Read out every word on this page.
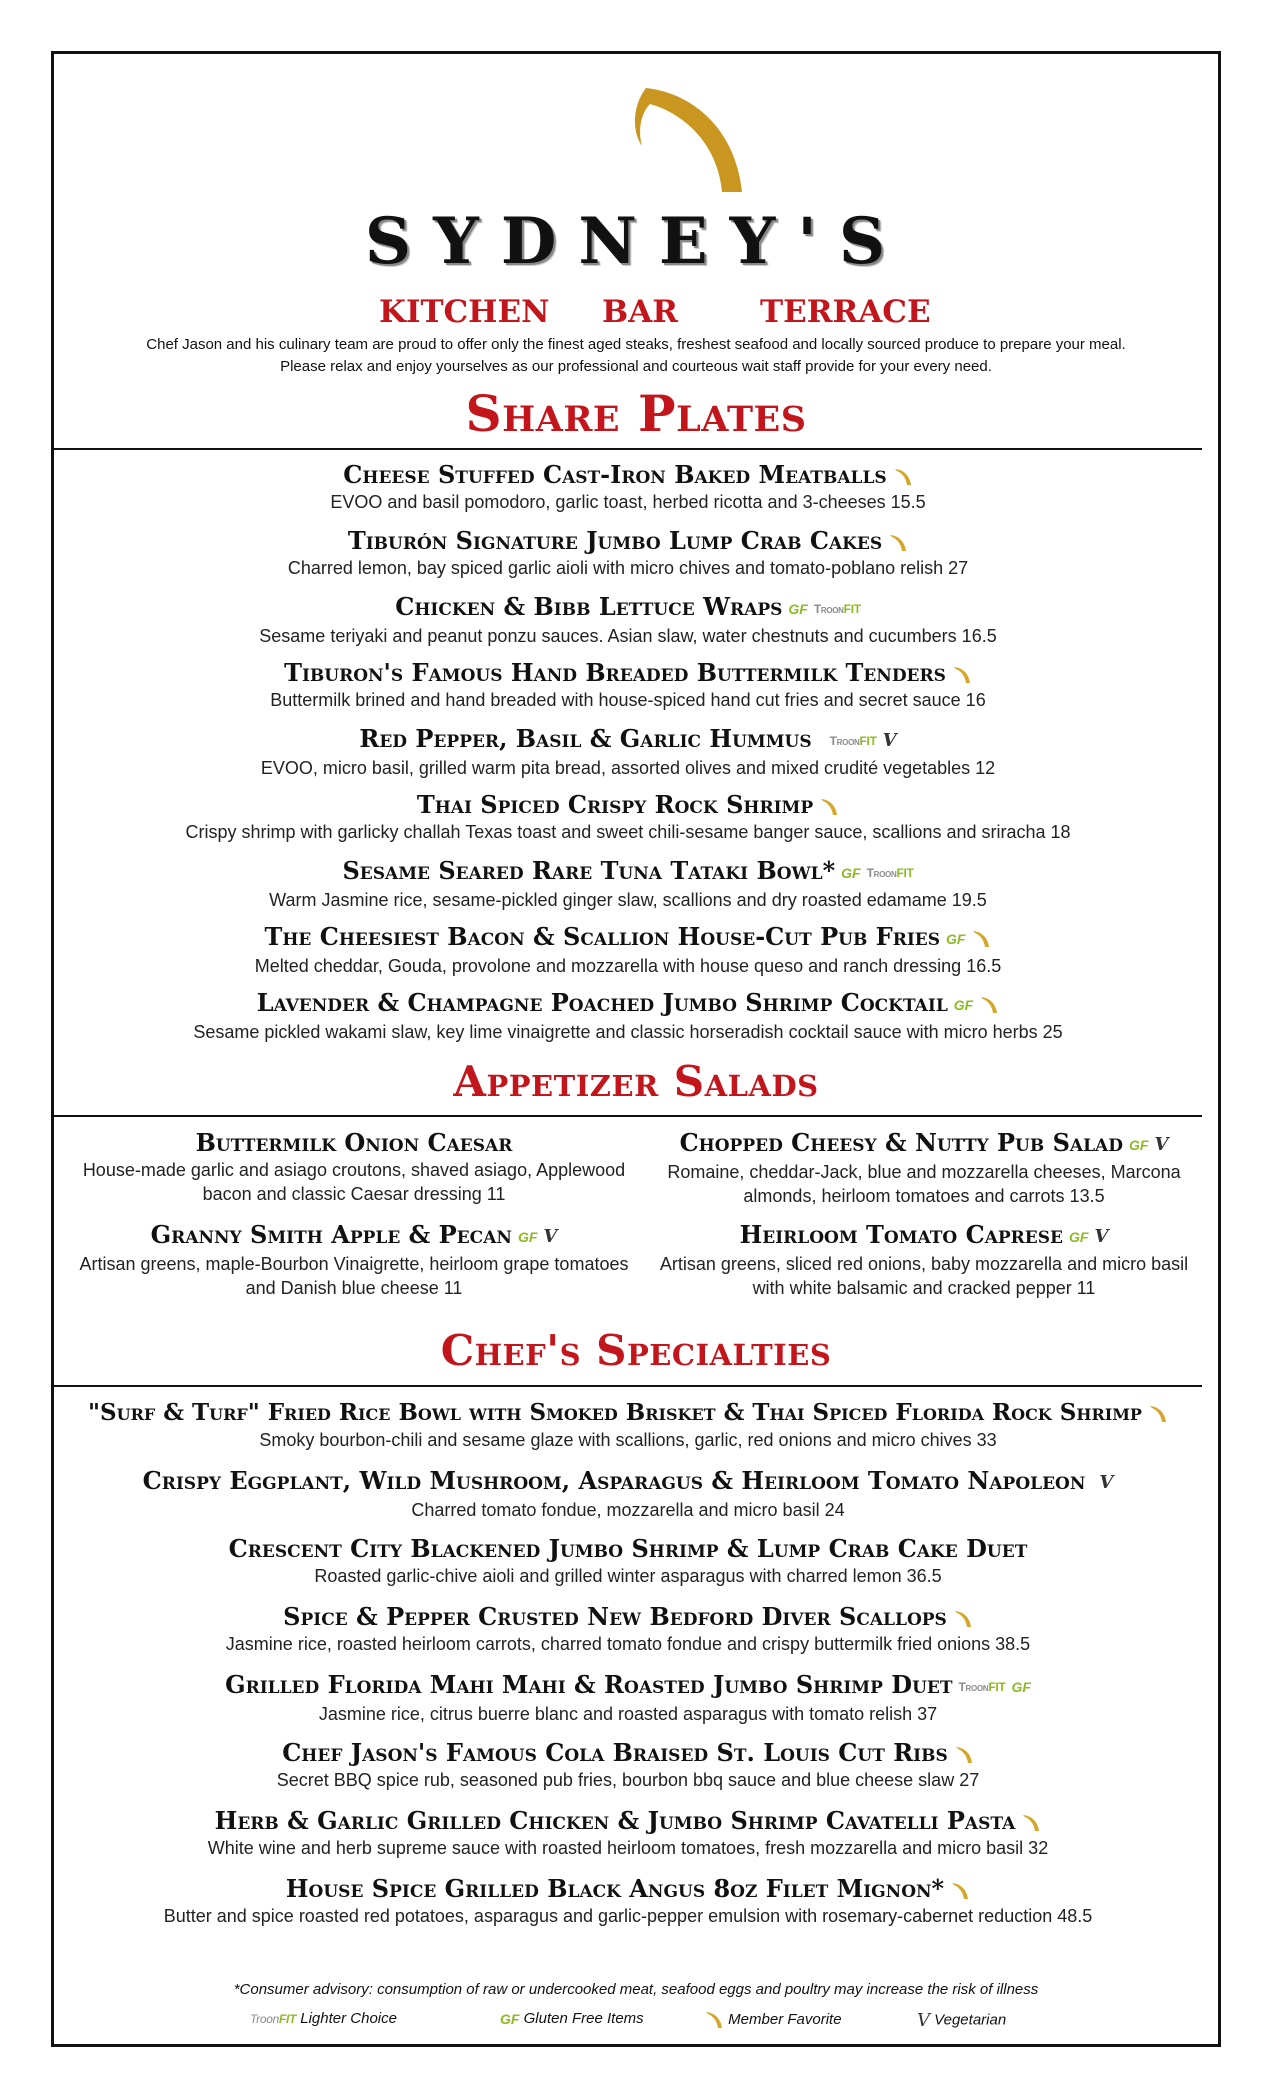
SYDNEY'S
KITCHEN BAR	TERRACE
Chef Jason and his culinary team are proud to offer only the finest aged steaks, freshest seafood and locally sourced produce to prepare your meal.
Please relax and enjoy yourselves as our professional and courteous wait staff provide for your every need.
Share Plates
Cheese Stuffed Cast-Iron Baked Meatballs
EVOO and basil pomodoro, garlic toast, herbed ricotta and 3-cheeses 15.5
Tiburón Signature Jumbo Lump Crab Cakes
Charred lemon, bay spiced garlic aioli with micro chives and tomato-poblano relish 27
Chicken & Bibb Lettuce Wraps GF TroonFIT
Sesame teriyaki and peanut ponzu sauces. Asian slaw, water chestnuts and cucumbers 16.5
Tiburon's Famous Hand Breaded Buttermilk Tenders
Buttermilk brined and hand breaded with house-spiced hand cut fries and secret sauce 16
Red Pepper, Basil & Garlic Hummus TroonFIT V
EVOO, micro basil, grilled warm pita bread, assorted olives and mixed crudité vegetables 12
Thai Spiced Crispy Rock Shrimp
Crispy shrimp with garlicky challah Texas toast and sweet chili-sesame banger sauce, scallions and sriracha 18
Sesame Seared Rare Tuna Tataki Bowl* GF TroonFIT
Warm Jasmine rice, sesame-pickled ginger slaw, scallions and dry roasted edamame 19.5
The Cheesiest Bacon & Scallion House-Cut Pub Fries GF
Melted cheddar, Gouda, provolone and mozzarella with house queso and ranch dressing 16.5
Lavender & Champagne Poached Jumbo Shrimp Cocktail GF
Sesame pickled wakami slaw, key lime vinaigrette and classic horseradish cocktail sauce with micro herbs 25
Appetizer Salads
Buttermilk Onion Caesar
House-made garlic and asiago croutons, shaved asiago, Applewood bacon and classic Caesar dressing 11
Granny Smith Apple & Pecan GF V
Artisan greens, maple-Bourbon Vinaigrette, heirloom grape tomatoes and Danish blue cheese 11
Chopped Cheesy & Nutty Pub Salad GF V
Romaine, cheddar-Jack, blue and mozzarella cheeses, Marcona almonds, heirloom tomatoes and carrots 13.5
Heirloom Tomato Caprese GF V
Artisan greens, sliced red onions, baby mozzarella and micro basil with white balsamic and cracked pepper 11
Chef's Specialties
"Surf & Turf" Fried Rice Bowl with Smoked Brisket & Thai Spiced Florida Rock Shrimp
Smoky bourbon-chili and sesame glaze with scallions, garlic, red onions and micro chives 33
Crispy Eggplant, Wild Mushroom, Asparagus & Heirloom Tomato Napoleon V
Charred tomato fondue, mozzarella and micro basil 24
Crescent City Blackened Jumbo Shrimp & Lump Crab Cake Duet
Roasted garlic-chive aioli and grilled winter asparagus with charred lemon 36.5
Spice & Pepper Crusted New Bedford Diver Scallops
Jasmine rice, roasted heirloom carrots, charred tomato fondue and crispy buttermilk fried onions 38.5
Grilled Florida Mahi Mahi & Roasted Jumbo Shrimp Duet TroonFIT GF
Jasmine rice, citrus buerre blanc and roasted asparagus with tomato relish 37
Chef Jason's Famous Cola Braised St. Louis Cut Ribs
Secret BBQ spice rub, seasoned pub fries, bourbon bbq sauce and blue cheese slaw 27
Herb & Garlic Grilled Chicken & Jumbo Shrimp Cavatelli Pasta
White wine and herb supreme sauce with roasted heirloom tomatoes, fresh mozzarella and micro basil 32
House Spice Grilled Black Angus 8oz Filet Mignon*
Butter and spice roasted red potatoes, asparagus and garlic-pepper emulsion with rosemary-cabernet reduction 48.5
*Consumer advisory: consumption of raw or undercooked meat, seafood eggs and poultry may increase the risk of illness
TroonFIT Lighter Choice	GF Gluten Free Items	Member Favorite	V Vegetarian
